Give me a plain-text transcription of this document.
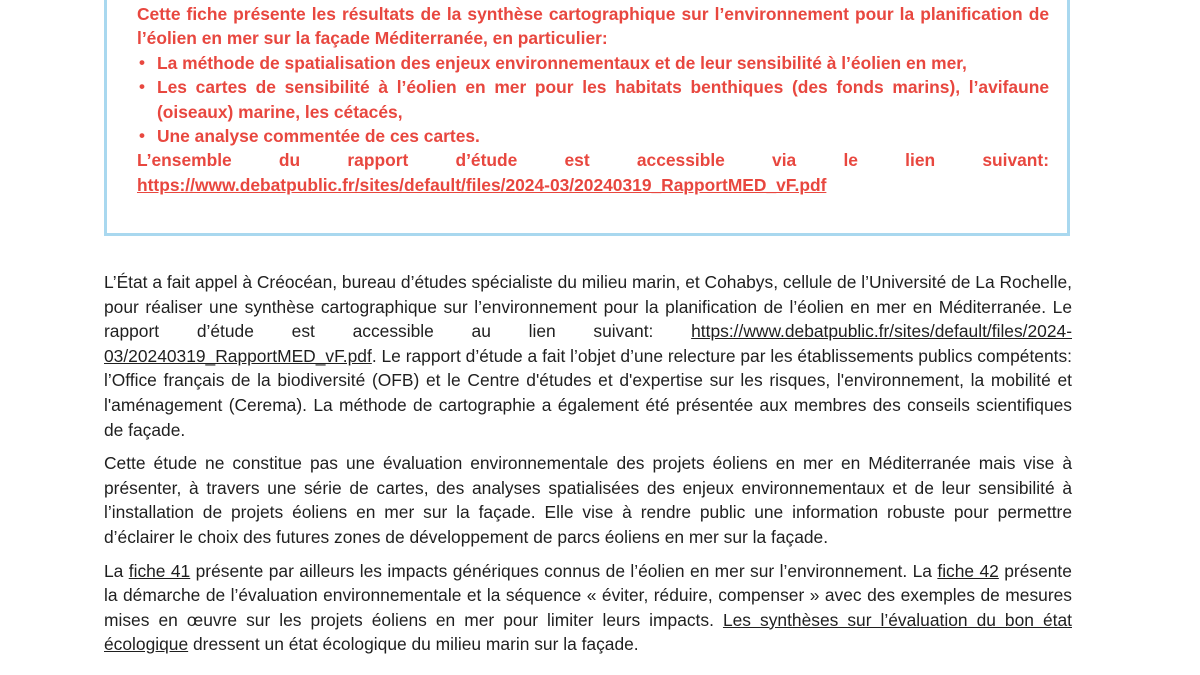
Cette fiche présente les résultats de la synthèse cartographique sur l’environnement pour la planification de l’éolien en mer sur la façade Méditerranée, en particulier:

• La méthode de spatialisation des enjeux environnementaux et de leur sensibilité à l’éolien en mer,
• Les cartes de sensibilité à l’éolien en mer pour les habitats benthiques (des fonds marins), l’avifaune (oiseaux) marine, les cétacés,
• Une analyse commentée de ces cartes.

L’ensemble du rapport d’étude est accessible via le lien suivant: https://www.debatpublic.fr/sites/default/files/2024-03/20240319_RapportMED_vF.pdf

L’État a fait appel à Créocéan, bureau d’études spécialiste du milieu marin, et Cohabys, cellule de l’Université de La Rochelle, pour réaliser une synthèse cartographique sur l’environnement pour la planification de l’éolien en mer en Méditerranée. Le rapport d’étude est accessible au lien suivant: https://www.debatpublic.fr/sites/default/files/2024-03/20240319_RapportMED_vF.pdf. Le rapport d’étude a fait l’objet d’une relecture par les établissements publics compétents: l’Office français de la biodiversité (OFB) et le Centre d'études et d'expertise sur les risques, l'environnement, la mobilité et l'aménagement (Cerema). La méthode de cartographie a également été présentée aux membres des conseils scientifiques de façade.

Cette étude ne constitue pas une évaluation environnementale des projets éoliens en mer en Méditerranée mais vise à présenter, à travers une série de cartes, des analyses spatialisées des enjeux environnementaux et de leur sensibilité à l’installation de projets éoliens en mer sur la façade. Elle vise à rendre public une information robuste pour permettre d’éclairer le choix des futures zones de développement de parcs éoliens en mer sur la façade.

La fiche 41 présente par ailleurs les impacts génériques connus de l’éolien en mer sur l’environnement. La fiche 42 présente la démarche de l’évaluation environnementale et la séquence « éviter, réduire, compenser » avec des exemples de mesures mises en œuvre sur les projets éoliens en mer pour limiter leurs impacts. Les synthèses sur l’évaluation du bon état écologique dressent un état écologique du milieu marin sur la façade.
